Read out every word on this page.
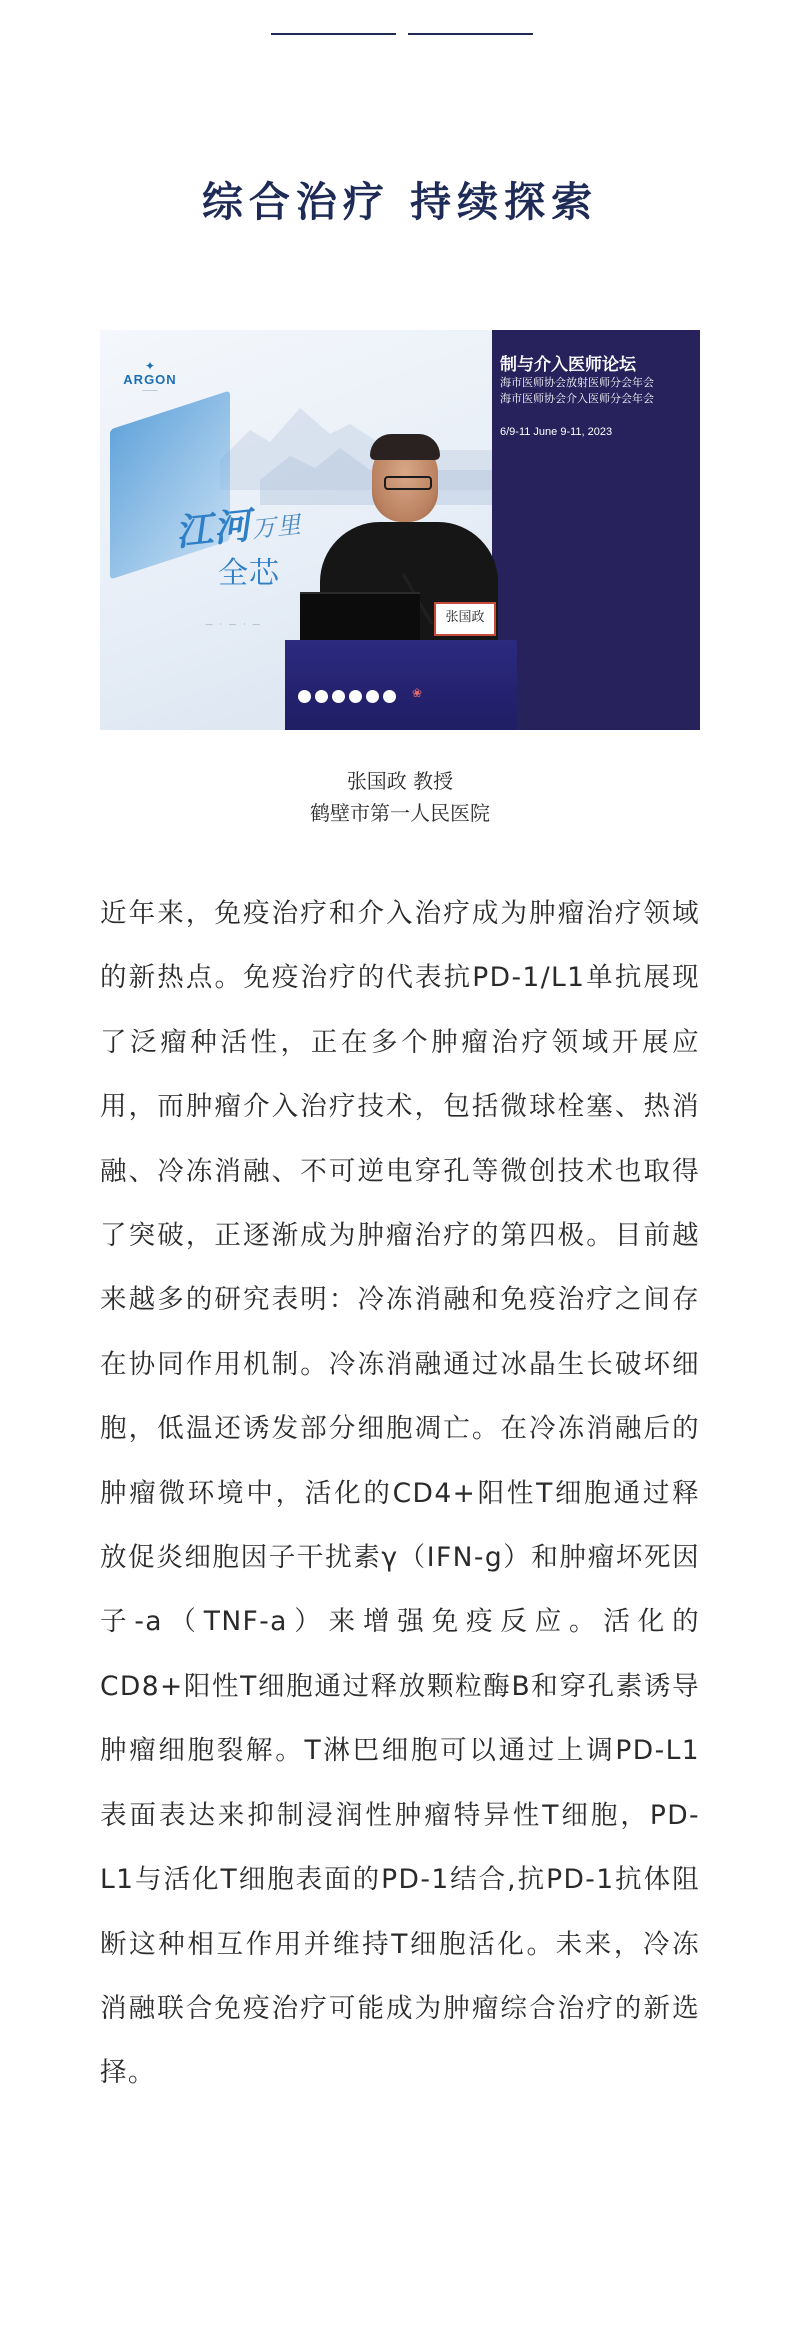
综合治疗 持续探索
✦
ARGON
———
江河万里
全芯
— · — · —
制与介入医师论坛
海市医师协会放射医师分会年会
海市医师协会介入医师分会年会
6/9-11 June 9-11, 2023
张国政
❀
张国政 教授
鹤壁市第一人民医院

近年来，免疫治疗和介入治疗成为肿瘤治疗领域的新热点。免疫治疗的代表抗PD-1/L1单抗展现了泛瘤种活性，正在多个肿瘤治疗领域开展应用，而肿瘤介入治疗技术，包括微球栓塞、热消融、冷冻消融、不可逆电穿孔等微创技术也取得了突破，正逐渐成为肿瘤治疗的第四极。目前越来越多的研究表明：冷冻消融和免疫治疗之间存在协同作用机制。冷冻消融通过冰晶生长破坏细胞，低温还诱发部分细胞凋亡。在冷冻消融后的肿瘤微环境中，活化的CD4+阳性T细胞通过释放促炎细胞因子干扰素γ（IFN-g）和肿瘤坏死因子-a（TNF-a）来增强免疫反应。活化的CD8+阳性T细胞通过释放颗粒酶B和穿孔素诱导肿瘤细胞裂解。T淋巴细胞可以通过上调PD-L1表面表达来抑制浸润性肿瘤特异性T细胞，PD-L1与活化T细胞表面的PD-1结合,抗PD-1抗体阻断这种相互作用并维持T细胞活化。未来，冷冻消融联合免疫治疗可能成为肿瘤综合治疗的新选择。
